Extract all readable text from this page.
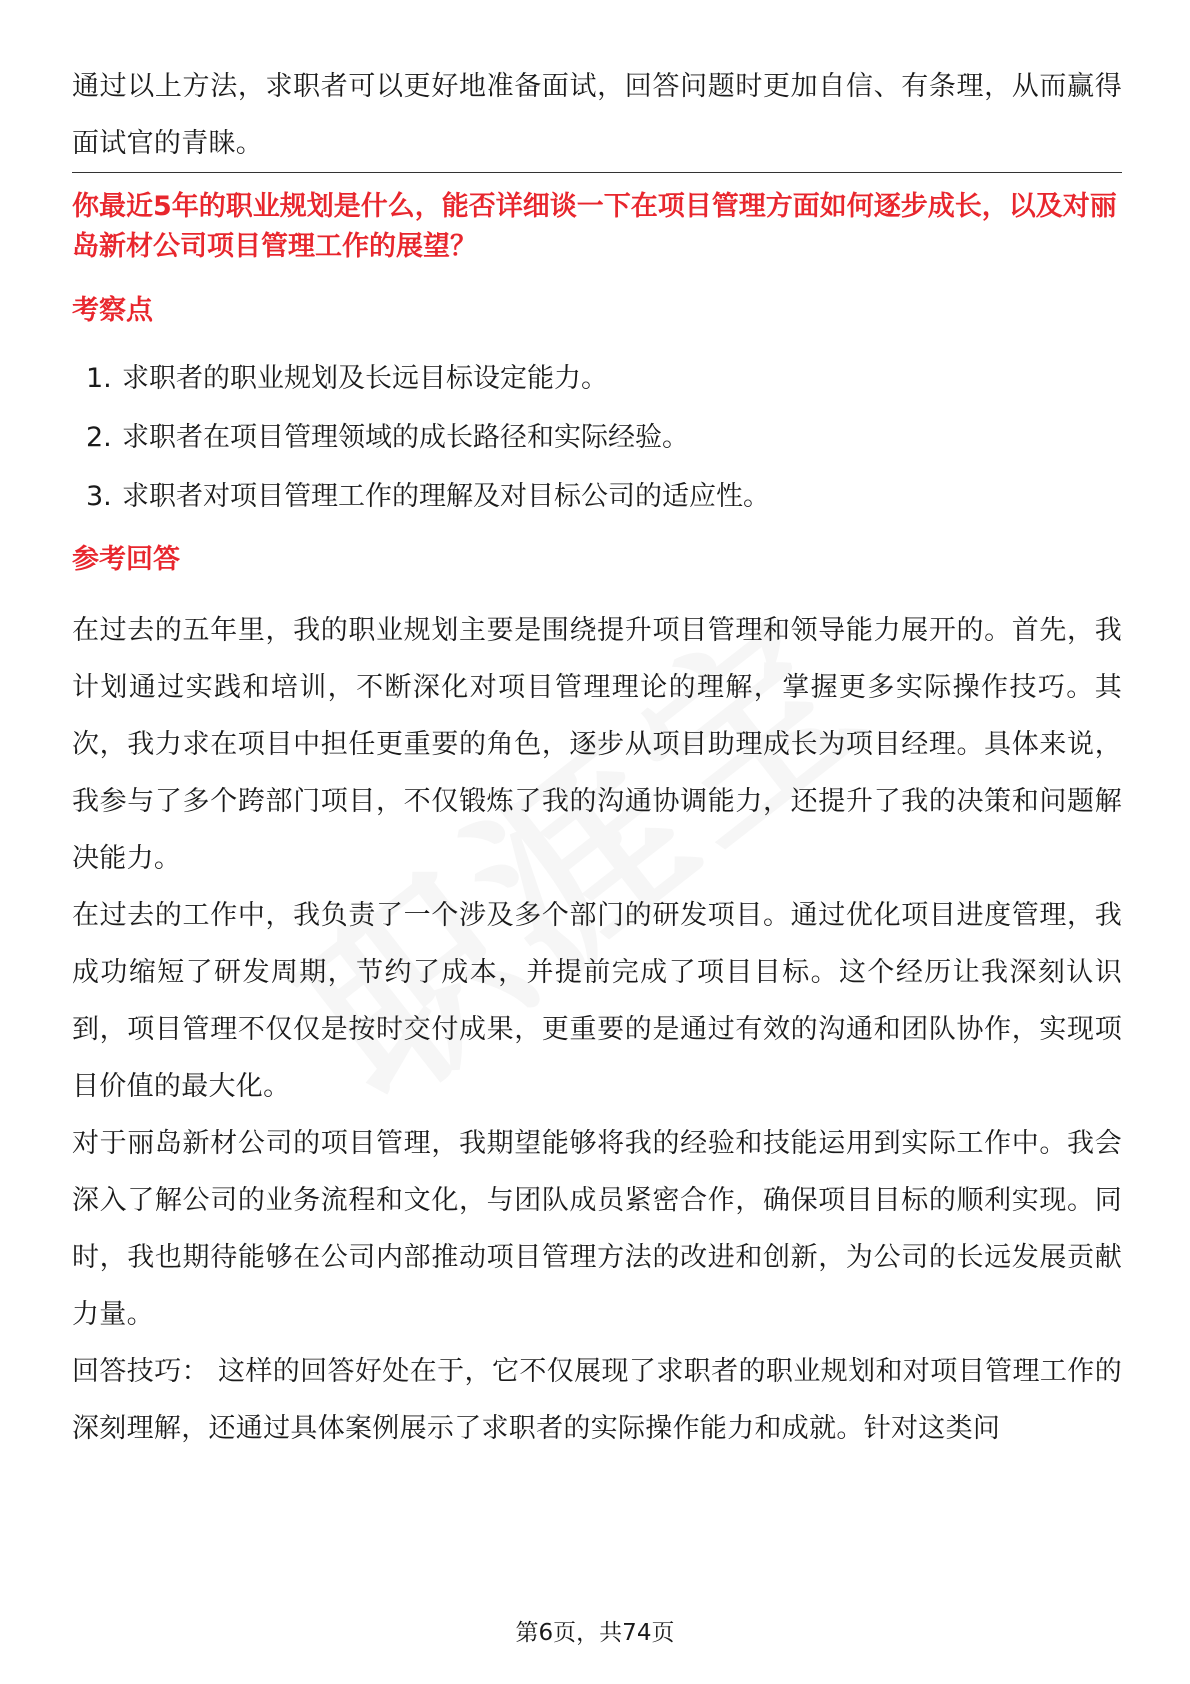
通过以上方法，求职者可以更好地准备面试，回答问题时更加自信、有条理，从而赢得面试官的青睐。

你最近5年的职业规划是什么，能否详细谈一下在项目管理方面如何逐步成长，以及对丽岛新材公司项目管理工作的展望？

考察点
1. 求职者的职业规划及长远目标设定能力。
2. 求职者在项目管理领域的成长路径和实际经验。
3. 求职者对项目管理工作的理解及对目标公司的适应性。
参考回答

在过去的五年里，我的职业规划主要是围绕提升项目管理和领导能力展开的。首先，我计划通过实践和培训，不断深化对项目管理理论的理解，掌握更多实际操作技巧。其次，我力求在项目中担任更重要的角色，逐步从项目助理成长为项目经理。具体来说，我参与了多个跨部门项目，不仅锻炼了我的沟通协调能力，还提升了我的决策和问题解决能力。

在过去的工作中，我负责了一个涉及多个部门的研发项目。通过优化项目进度管理，我成功缩短了研发周期，节约了成本，并提前完成了项目目标。这个经历让我深刻认识到，项目管理不仅仅是按时交付成果，更重要的是通过有效的沟通和团队协作，实现项目价值的最大化。

对于丽岛新材公司的项目管理，我期望能够将我的经验和技能运用到实际工作中。我会深入了解公司的业务流程和文化，与团队成员紧密合作，确保项目目标的顺利实现。同时，我也期待能够在公司内部推动项目管理方法的改进和创新，为公司的长远发展贡献力量。

回答技巧： 这样的回答好处在于，它不仅展现了求职者的职业规划和对项目管理工作的深刻理解，还通过具体案例展示了求职者的实际操作能力和成就。针对这类问

第6页，共74页
